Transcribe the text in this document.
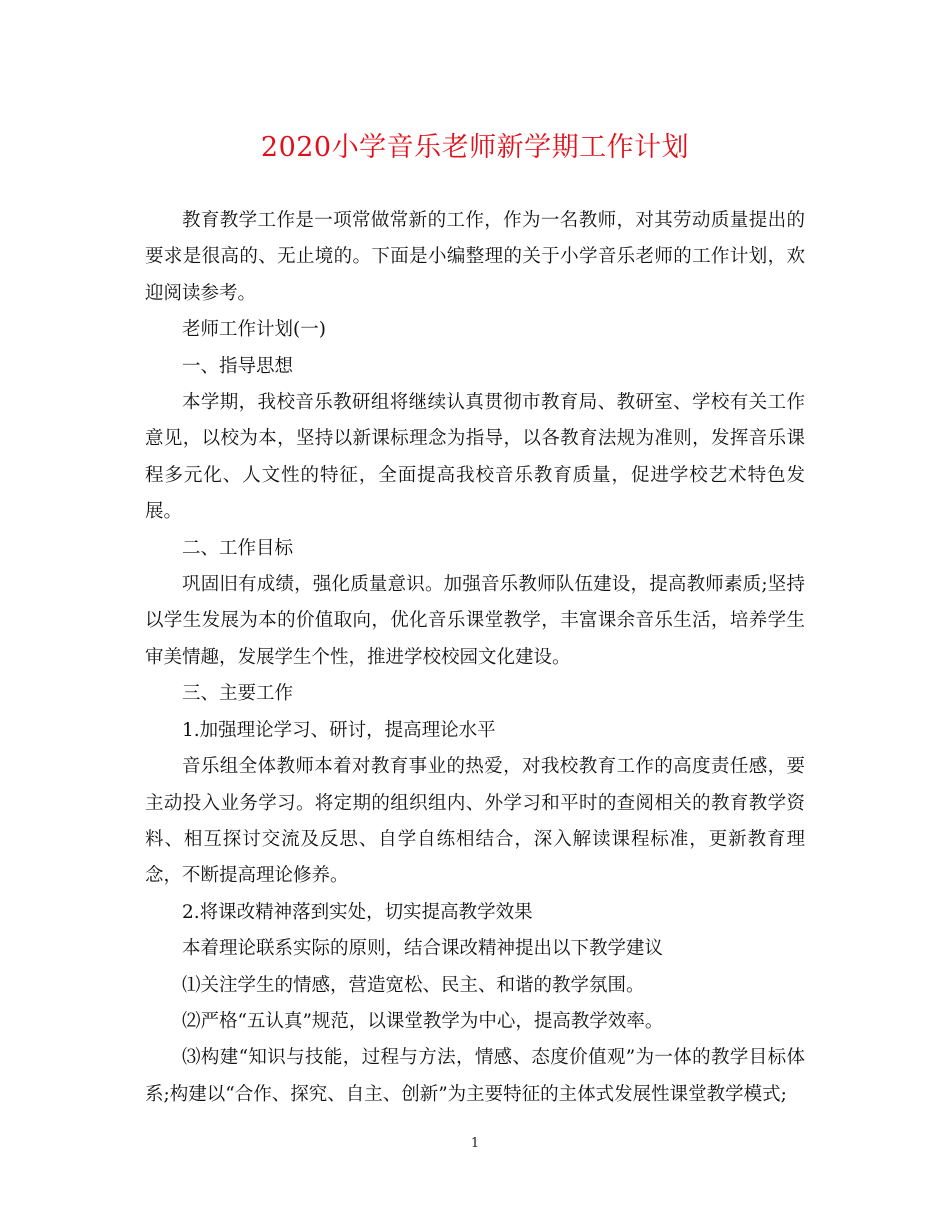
2020小学音乐老师新学期工作计划

教育教学工作是一项常做常新的工作，作为一名教师，对其劳动质量提出的要求是很高的、无止境的。下面是小编整理的关于小学音乐老师的工作计划，欢迎阅读参考。

老师工作计划(一)

一、指导思想

本学期，我校音乐教研组将继续认真贯彻市教育局、教研室、学校有关工作意见，以校为本，坚持以新课标理念为指导，以各教育法规为准则，发挥音乐课程多元化、人文性的特征，全面提高我校音乐教育质量，促进学校艺术特色发展。

二、工作目标

巩固旧有成绩，强化质量意识。加强音乐教师队伍建设，提高教师素质;坚持以学生发展为本的价值取向，优化音乐课堂教学，丰富课余音乐生活，培养学生审美情趣，发展学生个性，推进学校校园文化建设。

三、主要工作

1.加强理论学习、研讨，提高理论水平

音乐组全体教师本着对教育事业的热爱，对我校教育工作的高度责任感，要主动投入业务学习。将定期的组织组内、外学习和平时的查阅相关的教育教学资料、相互探讨交流及反思、自学自练相结合，深入解读课程标准，更新教育理念，不断提高理论修养。

2.将课改精神落到实处，切实提高教学效果

本着理论联系实际的原则，结合课改精神提出以下教学建议

⑴关注学生的情感，营造宽松、民主、和谐的教学氛围。

⑵严格“五认真”规范，以课堂教学为中心，提高教学效率。

⑶构建“知识与技能，过程与方法，情感、态度价值观”为一体的教学目标体系;构建以“合作、探究、自主、创新”为主要特征的主体式发展性课堂教学模式;

1
